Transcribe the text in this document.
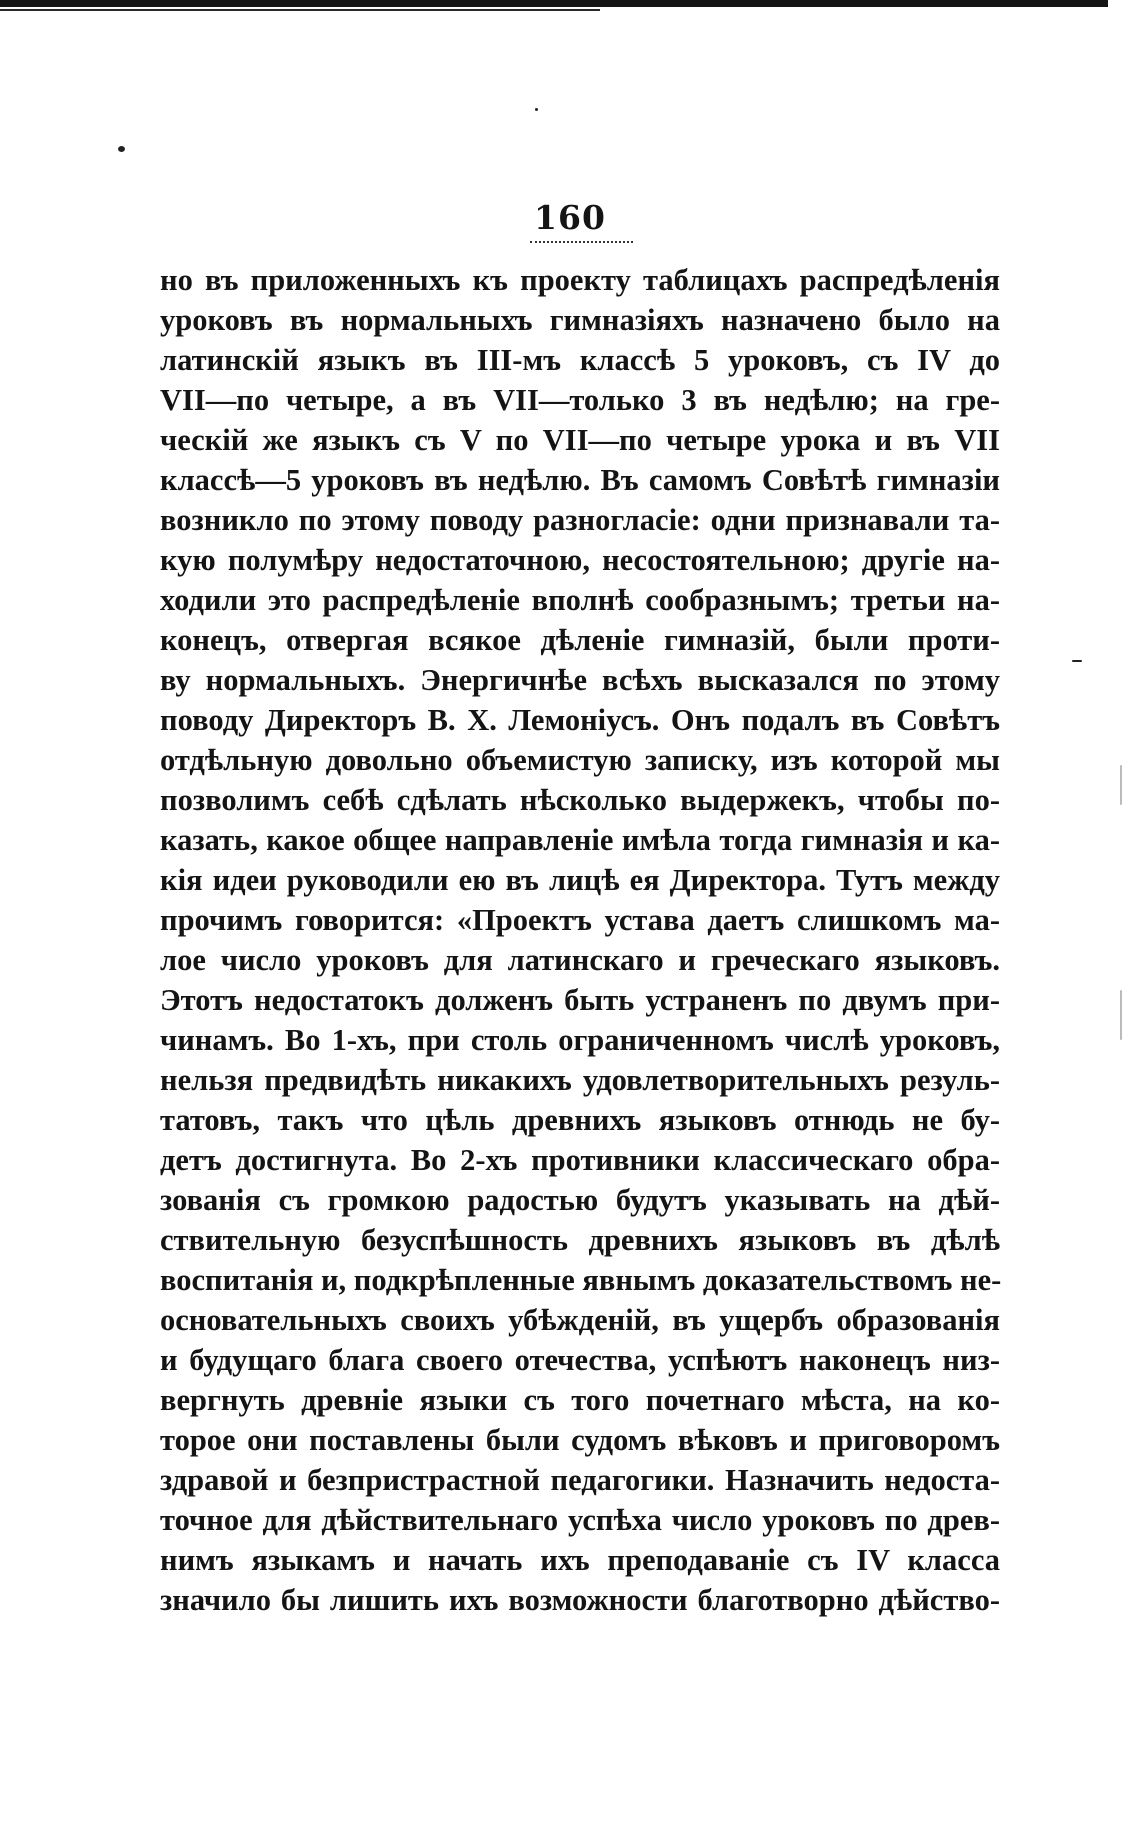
160
но въ приложенныхъ къ проекту таблицахъ распредѣленія
уроковъ въ нормальныхъ гимназіяхъ назначено было на
латинскій языкъ въ III-мъ классѣ 5 уроковъ, съ IV до
VII—по четыре, а въ VII—только 3 въ недѣлю; на гре-
ческій же языкъ съ V по VII—по четыре урока и въ VII
классѣ—5 уроковъ въ недѣлю. Въ самомъ Совѣтѣ гимназіи
возникло по этому поводу разногласіе: одни признавали та-
кую полумѣру недостаточною, несостоятельною; другіе на-
ходили это распредѣленіе вполнѣ сообразнымъ; третьи на-
конецъ, отвергая всякое дѣленіе гимназій, были проти-
ву нормальныхъ. Энергичнѣе всѣхъ высказался по этому
поводу Директоръ В. Х. Лемоніусъ. Онъ подалъ въ Совѣтъ
отдѣльную довольно объемистую записку, изъ которой мы
позволимъ себѣ сдѣлать нѣсколько выдержекъ, чтобы по-
казать, какое общее направленіе имѣла тогда гимназія и ка-
кія идеи руководили ею въ лицѣ ея Директора. Тутъ между
прочимъ говорится: «Проектъ устава даетъ слишкомъ ма-
лое число уроковъ для латинскаго и греческаго языковъ.
Этотъ недостатокъ долженъ быть устраненъ по двумъ при-
чинамъ. Во 1-хъ, при столь ограниченномъ числѣ уроковъ,
нельзя предвидѣть никакихъ удовлетворительныхъ резуль-
татовъ, такъ что цѣль древнихъ языковъ отнюдь не бу-
детъ достигнута. Во 2-хъ противники классическаго обра-
зованія съ громкою радостью будутъ указывать на дѣй-
ствительную безуспѣшность древнихъ языковъ въ дѣлѣ
воспитанія и, подкрѣпленные явнымъ доказательствомъ не-
основательныхъ своихъ убѣжденій, въ ущербъ образованія
и будущаго блага своего отечества, успѣютъ наконецъ низ-
вергнуть древніе языки съ того почетнаго мѣста, на ко-
торое они поставлены были судомъ вѣковъ и приговоромъ
здравой и безпристрастной педагогики. Назначить недоста-
точное для дѣйствительнаго успѣха число уроковъ по древ-
нимъ языкамъ и начать ихъ преподаваніе съ IV класса
значило бы лишить ихъ возможности благотворно дѣйство-
